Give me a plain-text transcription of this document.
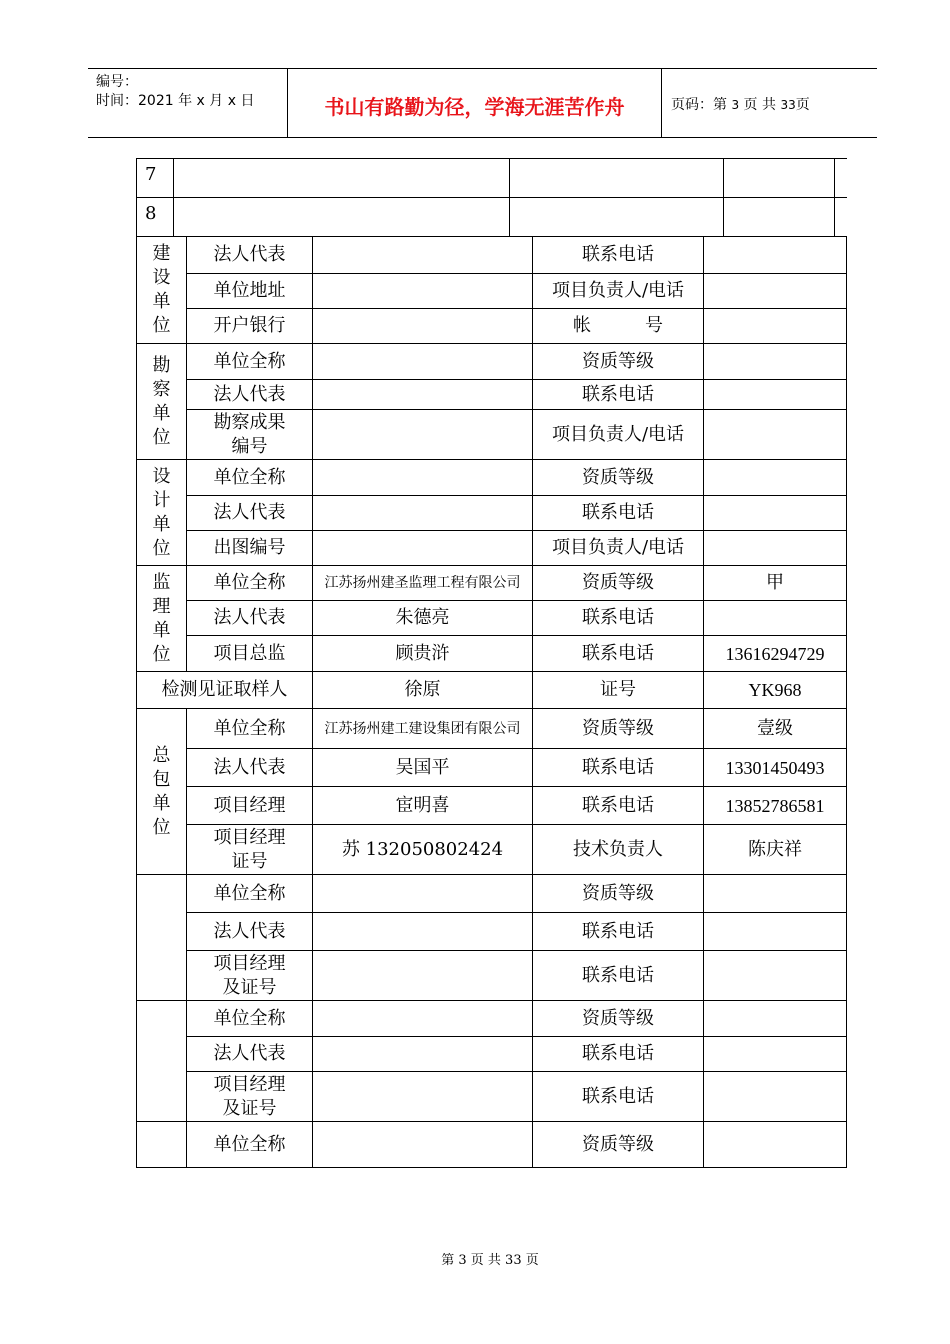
编号：
时间：2021 年 x 月 x 日	书山有路勤为径，学海无涯苦作舟	页码：第 3 页 共 33页
7				
8				
建
设
单
位	法人代表		联系电话	
	单位地址		项目负责人/电话	
	开户银行		帐　　　号	
勘
察
单
位	单位全称		资质等级	
	法人代表		联系电话	
	勘察成果
编号		项目负责人/电话	
设
计
单
位	单位全称		资质等级	
	法人代表		联系电话	
	出图编号		项目负责人/电话	
监
理
单
位	单位全称	江苏扬州建圣监理工程有限公司	资质等级	甲
	法人代表	朱德亮	联系电话	
	项目总监	顾贵浒	联系电话	13616294729
检测见证取样人		徐原	证号	YK968
总
包
单
位	单位全称	江苏扬州建工建设集团有限公司	资质等级	壹级
	法人代表	吴国平	联系电话	13301450493
	项目经理	宦明喜	联系电话	13852786581
	项目经理
证号	苏 132050802424	技术负责人	陈庆祥
	单位全称		资质等级	
	法人代表		联系电话	
	项目经理
及证号		联系电话	
	单位全称		资质等级	
	法人代表		联系电话	
	项目经理
及证号		联系电话	
	单位全称		资质等级	
第 3 页 共 33 页
